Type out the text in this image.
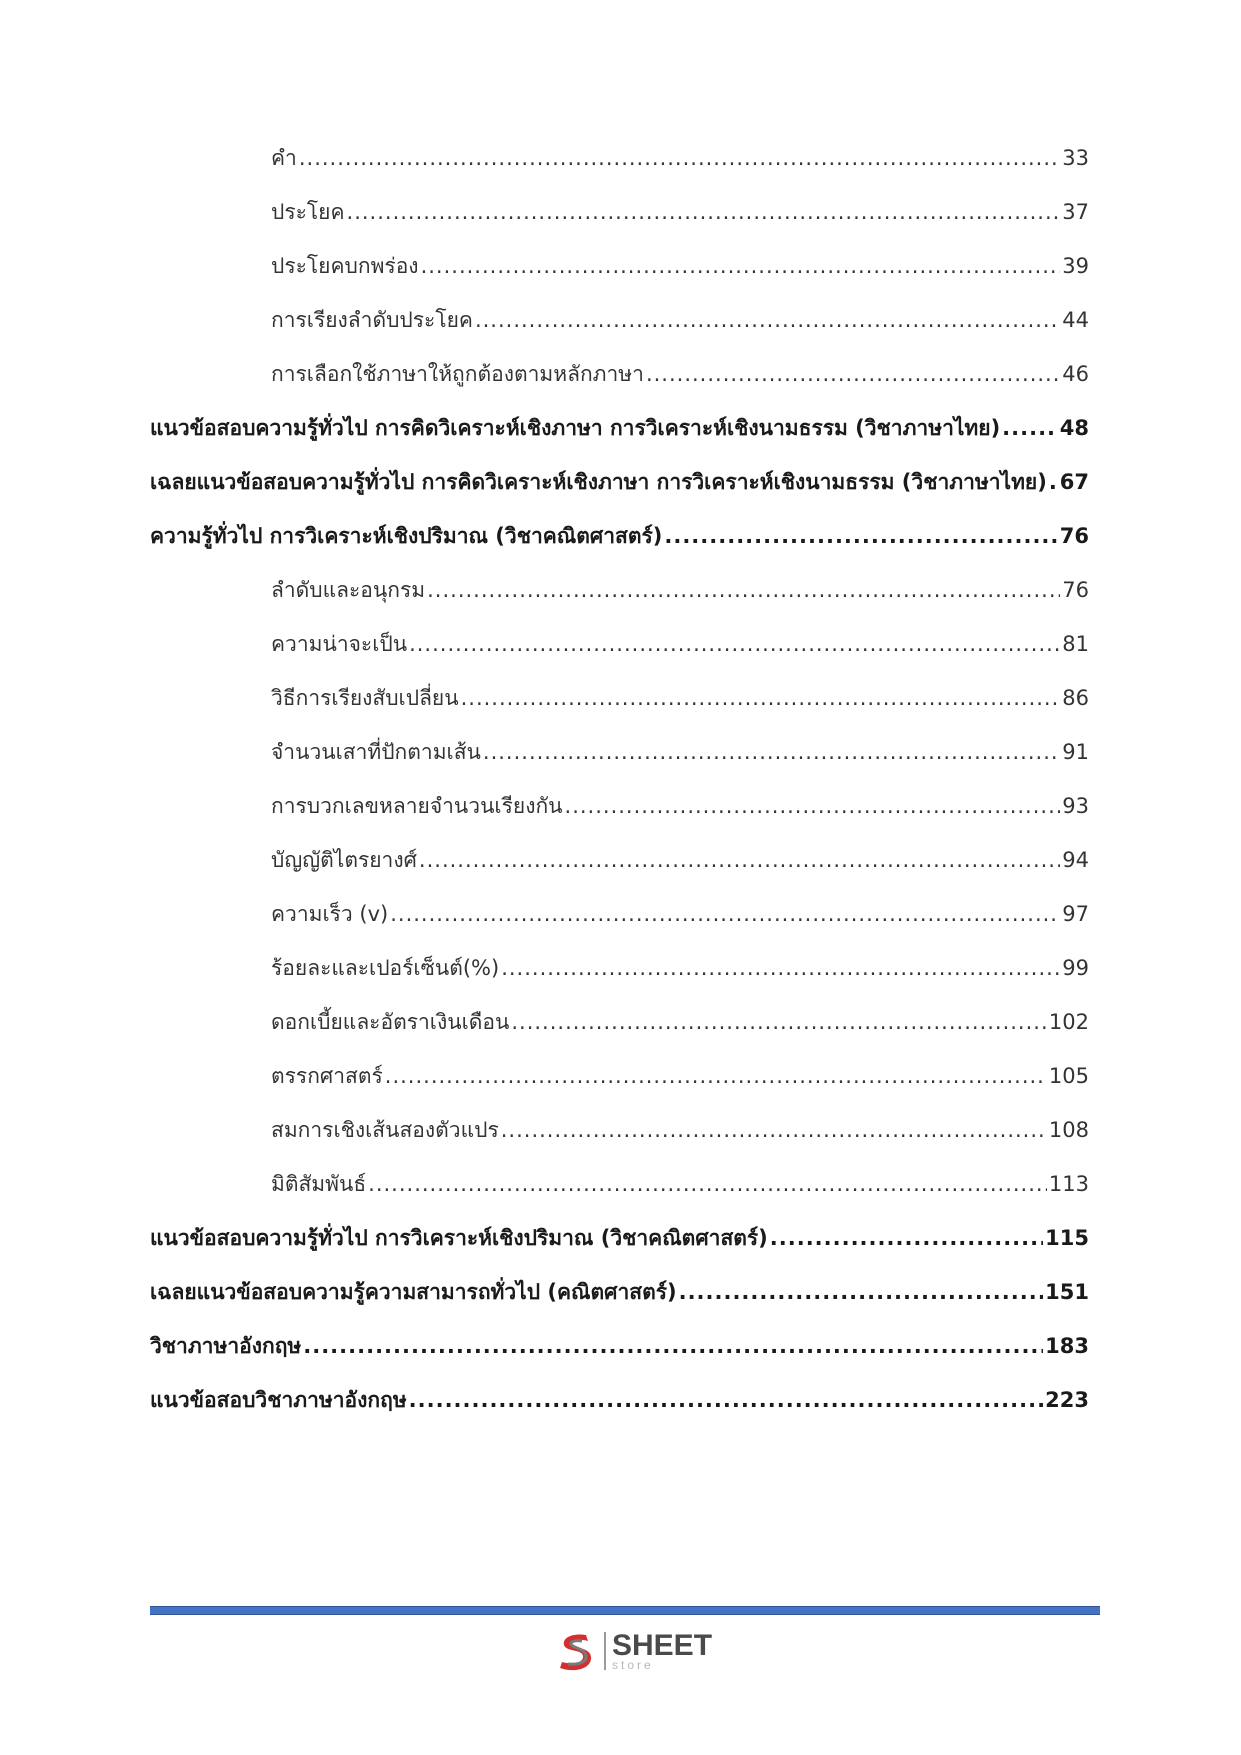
คำ .....	33
ประโยค .....	37
ประโยคบกพร่อง .....	39
การเรียงลำดับประโยค .....	44
การเลือกใช้ภาษาให้ถูกต้องตามหลักภาษา .....	46
แนวข้อสอบความรู้ทั่วไป การคิดวิเคราะห์เชิงภาษา การวิเคราะห์เชิงนามธรรม (วิชาภาษาไทย) .....	48
เฉลยแนวข้อสอบความรู้ทั่วไป การคิดวิเคราะห์เชิงภาษา การวิเคราะห์เชิงนามธรรม (วิชาภาษาไทย) ..... 67
ความรู้ทั่วไป การวิเคราะห์เชิงปริมาณ (วิชาคณิตศาสตร์) .....	76
ลำดับและอนุกรม .....	76
ความน่าจะเป็น .....	81
วิธีการเรียงสับเปลี่ยน .....	86
จำนวนเสาที่ปักตามเส้น .....	91
การบวกเลขหลายจำนวนเรียงกัน .....	93
บัญญัติไตรยางศ์ .....	94
ความเร็ว (v) .....	97
ร้อยละและเปอร์เซ็นต์(%) .....	99
ดอกเบี้ยและอัตราเงินเดือน .....	102
ตรรกศาสตร์ .....	105
สมการเชิงเส้นสองตัวแปร .....	108
มิติสัมพันธ์ .....	113
แนวข้อสอบความรู้ทั่วไป การวิเคราะห์เชิงปริมาณ (วิชาคณิตศาสตร์) .....	115
เฉลยแนวข้อสอบความรู้ความสามารถทั่วไป (คณิตศาสตร์) .....	151
วิชาภาษาอังกฤษ .....	183
แนวข้อสอบวิชาภาษาอังกฤษ .....	223
SHEET
store
